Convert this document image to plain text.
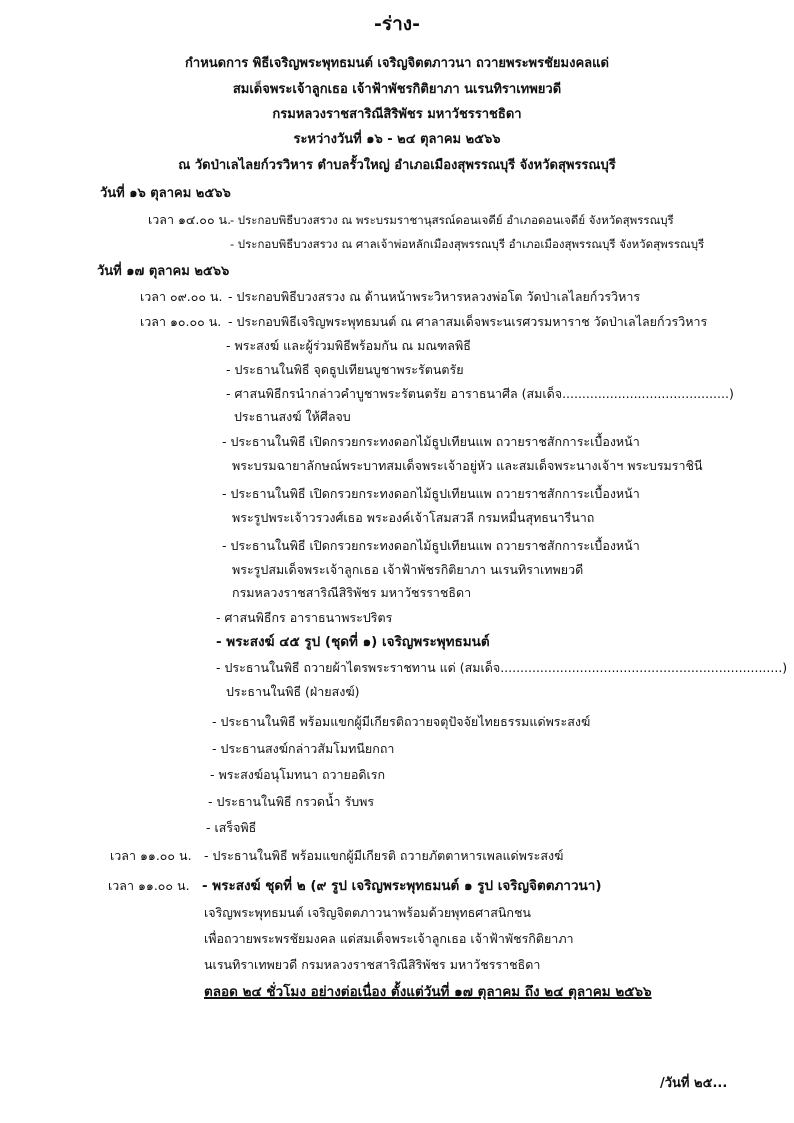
-ร่าง-
กำหนดการ พิธีเจริญพระพุทธมนต์ เจริญจิตตภาวนา ถวายพระพรชัยมงคลแด่
สมเด็จพระเจ้าลูกเธอ เจ้าฟ้าพัชรกิติยาภา นเรนทิราเทพยวดี
กรมหลวงราชสาริณีสิริพัชร มหาวัชรราชธิดา
ระหว่างวันที่ ๑๖ - ๒๔ ตุลาคม ๒๕๖๖
ณ วัดป่าเลไลยก์วรวิหาร ตำบลรั้วใหญ่ อำเภอเมืองสุพรรณบุรี จังหวัดสุพรรณบุรี
วันที่ ๑๖ ตุลาคม ๒๕๖๖
เวลา ๑๔.๐๐ น.
- ประกอบพิธีบวงสรวง ณ พระบรมราชานุสรณ์ดอนเจดีย์ อำเภอดอนเจดีย์ จังหวัดสุพรรณบุรี
- ประกอบพิธีบวงสรวง ณ ศาลเจ้าพ่อหลักเมืองสุพรรณบุรี อำเภอเมืองสุพรรณบุรี จังหวัดสุพรรณบุรี
วันที่ ๑๗ ตุลาคม ๒๕๖๖
เวลา ๐๙.๐๐ น. - ประกอบพิธีบวงสรวง ณ ด้านหน้าพระวิหารหลวงพ่อโต วัดป่าเลไลยก์วรวิหาร
เวลา ๑๐.๐๐ น. - ประกอบพิธีเจริญพระพุทธมนต์ ณ ศาลาสมเด็จพระนเรศวรมหาราช วัดป่าเลไลยก์วรวิหาร
- พระสงฆ์ และผู้ร่วมพิธีพร้อมกัน ณ มณฑลพิธี
- ประธานในพิธี จุดธูปเทียนบูชาพระรัตนตรัย
- ศาสนพิธีกรนำกล่าวคำบูชาพระรัตนตรัย อาราธนาศีล (สมเด็จ..........................................)
ประธานสงฆ์ ให้ศีลจบ
- ประธานในพิธี เปิดกรวยกระทงดอกไม้ธูปเทียนแพ ถวายราชสักการะเบื้องหน้า
พระบรมฉายาลักษณ์พระบาทสมเด็จพระเจ้าอยู่หัว และสมเด็จพระนางเจ้าฯ พระบรมราชินี
- ประธานในพิธี เปิดกรวยกระทงดอกไม้ธูปเทียนแพ ถวายราชสักการะเบื้องหน้า
พระรูปพระเจ้าวรวงศ์เธอ พระองค์เจ้าโสมสวลี กรมหมื่นสุทธนารีนาถ
- ประธานในพิธี เปิดกรวยกระทงดอกไม้ธูปเทียนแพ ถวายราชสักการะเบื้องหน้า
พระรูปสมเด็จพระเจ้าลูกเธอ เจ้าฟ้าพัชรกิติยาภา นเรนทิราเทพยวดี
กรมหลวงราชสาริณีสิริพัชร มหาวัชรราชธิดา
- ศาสนพิธีกร อาราธนาพระปริตร
- พระสงฆ์ ๔๕ รูป (ชุดที่ ๑) เจริญพระพุทธมนต์
- ประธานในพิธี ถวายผ้าไตรพระราชทาน แด่ (สมเด็จ.......................................................................)
ประธานในพิธี (ฝ่ายสงฆ์)
- ประธานในพิธี พร้อมแขกผู้มีเกียรติถวายจตุปัจจัยไทยธรรมแด่พระสงฆ์
- ประธานสงฆ์กล่าวสัมโมทนียกถา
- พระสงฆ์อนุโมทนา ถวายอดิเรก
- ประธานในพิธี กรวดน้ำ รับพร
- เสร็จพิธี
เวลา ๑๑.๐๐ น. - ประธานในพิธี พร้อมแขกผู้มีเกียรติ ถวายภัตตาหารเพลแด่พระสงฆ์
เวลา ๑๑.๐๐ น. - พระสงฆ์ ชุดที่ ๒ (๙ รูป เจริญพระพุทธมนต์ ๑ รูป เจริญจิตตภาวนา)
เจริญพระพุทธมนต์ เจริญจิตตภาวนาพร้อมด้วยพุทธศาสนิกชน
เพื่อถวายพระพรชัยมงคล แด่สมเด็จพระเจ้าลูกเธอ เจ้าฟ้าพัชรกิติยาภา
นเรนทิราเทพยวดี กรมหลวงราชสาริณีสิริพัชร มหาวัชรราชธิดา
ตลอด ๒๔ ชั่วโมง อย่างต่อเนื่อง ตั้งแต่วันที่ ๑๗ ตุลาคม ถึง ๒๔ ตุลาคม ๒๕๖๖
/วันที่ ๒๕...
